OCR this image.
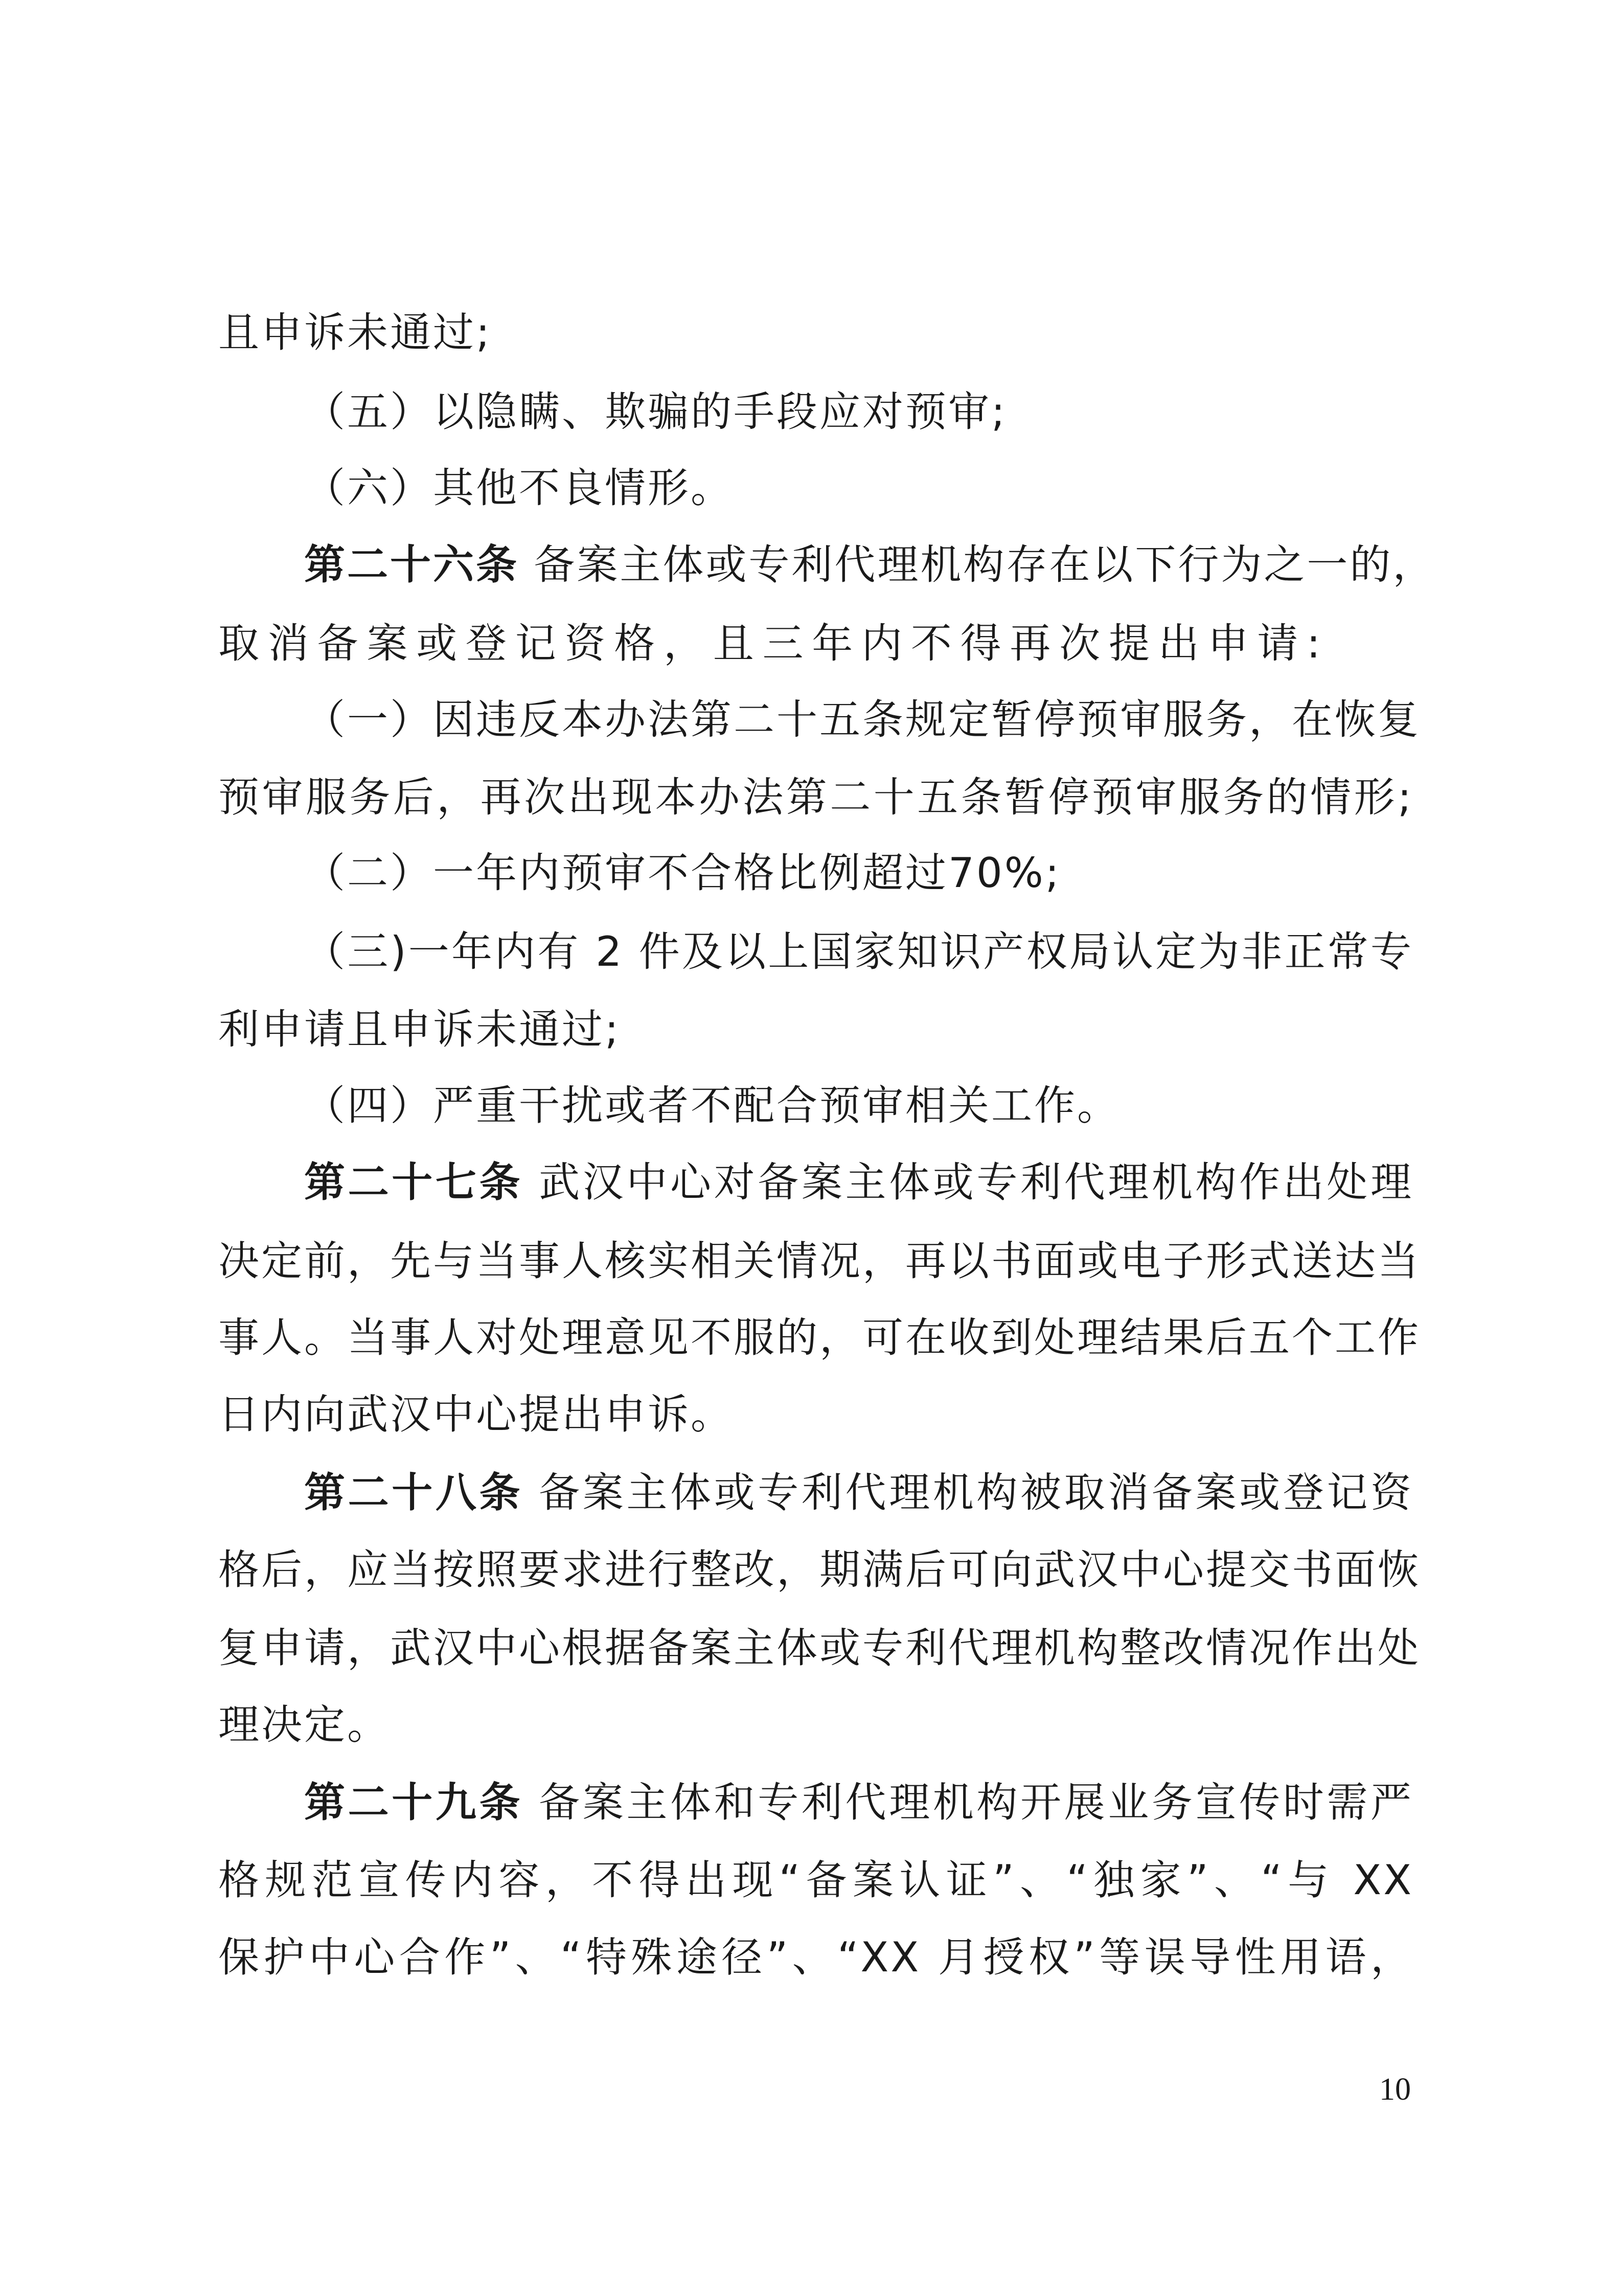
且申诉未通过;
（五）以隐瞒、欺骗的手段应对预审;
（六）其他不良情形。
第二十六条 备案主体或专利代理机构存在以下行为之一的，
取消备案或登记资格，且三年内不得再次提出申请:
（一）因违反本办法第二十五条规定暂停预审服务，在恢复
预审服务后，再次出现本办法第二十五条暂停预审服务的情形;
（二）一年内预审不合格比例超过70%;
（三)一年内有 2 件及以上国家知识产权局认定为非正常专
利申请且申诉未通过;
（四）严重干扰或者不配合预审相关工作。
第二十七条 武汉中心对备案主体或专利代理机构作出处理
决定前，先与当事人核实相关情况，再以书面或电子形式送达当
事人。当事人对处理意见不服的，可在收到处理结果后五个工作
日内向武汉中心提出申诉。
第二十八条 备案主体或专利代理机构被取消备案或登记资
格后，应当按照要求进行整改，期满后可向武汉中心提交书面恢
复申请，武汉中心根据备案主体或专利代理机构整改情况作出处
理决定。
第二十九条 备案主体和专利代理机构开展业务宣传时需严
格规范宣传内容，不得出现“备案认证”、“独家”、“与 XX
保护中心合作”、“特殊途径”、“XX 月授权”等误导性用语，
10
